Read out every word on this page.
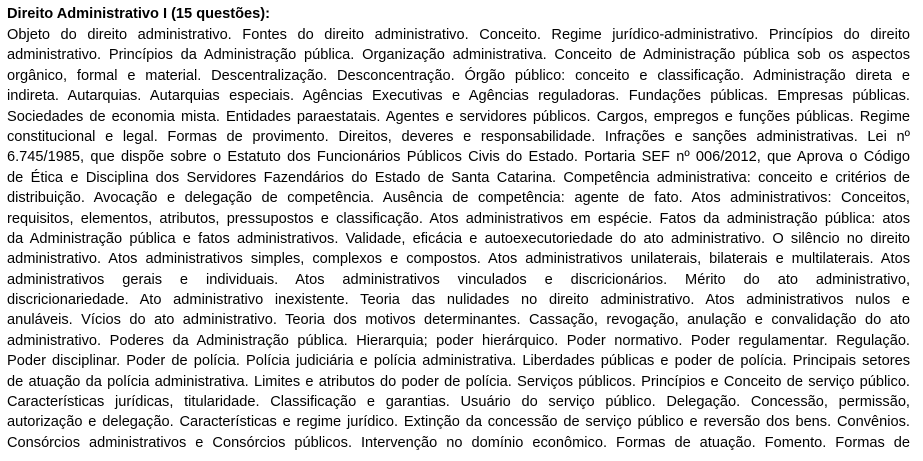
Direito Administrativo I (15 questões):
Objeto do direito administrativo. Fontes do direito administrativo. Conceito. Regime jurídico-administrativo. Princípios do direito
administrativo. Princípios da Administração pública. Organização administrativa. Conceito de Administração pública sob os aspectos
orgânico, formal e material. Descentralização. Desconcentração. Órgão público: conceito e classificação. Administração direta e
indireta. Autarquias. Autarquias especiais. Agências Executivas e Agências reguladoras. Fundações públicas. Empresas públicas.
Sociedades de economia mista. Entidades paraestatais. Agentes e servidores públicos. Cargos, empregos e funções públicas. Regime
constitucional e legal. Formas de provimento. Direitos, deveres e responsabilidade. Infrações e sanções administrativas. Lei nº
6.745/1985, que dispõe sobre o Estatuto dos Funcionários Públicos Civis do Estado. Portaria SEF nº 006/2012, que Aprova o Código
de Ética e Disciplina dos Servidores Fazendários do Estado de Santa Catarina. Competência administrativa: conceito e critérios de
distribuição. Avocação e delegação de competência. Ausência de competência: agente de fato. Atos administrativos: Conceitos,
requisitos, elementos, atributos, pressupostos e classificação. Atos administrativos em espécie. Fatos da administração pública: atos
da Administração pública e fatos administrativos. Validade, eficácia e autoexecutoriedade do ato administrativo. O silêncio no direito
administrativo. Atos administrativos simples, complexos e compostos. Atos administrativos unilaterais, bilaterais e multilaterais. Atos
administrativos gerais e individuais. Atos administrativos vinculados e discricionários. Mérito do ato administrativo,
discricionariedade. Ato administrativo inexistente. Teoria das nulidades no direito administrativo. Atos administrativos nulos e
anuláveis. Vícios do ato administrativo. Teoria dos motivos determinantes. Cassação, revogação, anulação e convalidação do ato
administrativo. Poderes da Administração pública. Hierarquia; poder hierárquico. Poder normativo. Poder regulamentar. Regulação.
Poder disciplinar. Poder de polícia. Polícia judiciária e polícia administrativa. Liberdades públicas e poder de polícia. Principais setores
de atuação da polícia administrativa. Limites e atributos do poder de polícia. Serviços públicos. Princípios e Conceito de serviço público.
Características jurídicas, titularidade. Classificação e garantias. Usuário do serviço público. Delegação. Concessão, permissão,
autorização e delegação. Características e regime jurídico. Extinção da concessão de serviço público e reversão dos bens. Convênios.
Consórcios administrativos e Consórcios públicos. Intervenção no domínio econômico. Formas de atuação. Fomento. Formas de
